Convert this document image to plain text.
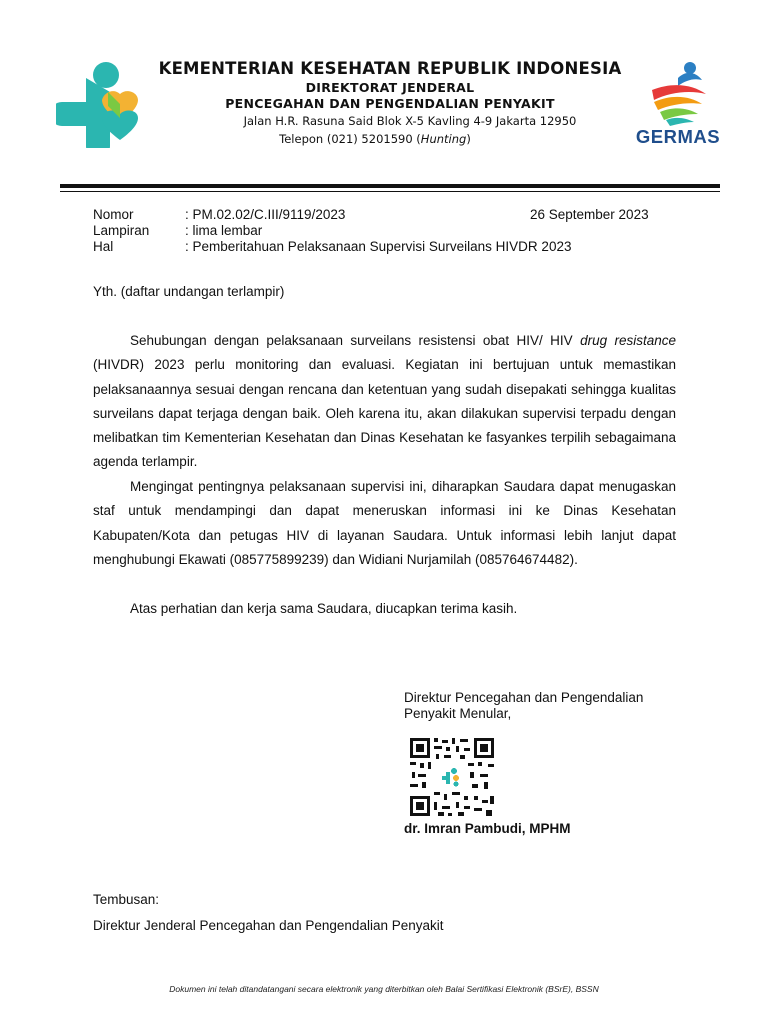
KEMENTERIAN KESEHATAN REPUBLIK INDONESIA
DIREKTORAT JENDERAL
PENCEGAHAN DAN PENGENDALIAN PENYAKIT
Jalan H.R. Rasuna Said Blok X-5 Kavling 4-9 Jakarta 12950
Telepon (021) 5201590 (Hunting)	GERMAS
Nomor	: PM.02.02/C.III/9119/2023	26 September 2023
Lampiran	: lima lembar
Hal	: Pemberitahuan Pelaksanaan Supervisi Surveilans HIVDR 2023
Yth. (daftar undangan terlampir)
Sehubungan dengan pelaksanaan surveilans resistensi obat HIV/ HIV drug resistance (HIVDR) 2023 perlu monitoring dan evaluasi. Kegiatan ini bertujuan untuk memastikan pelaksanaannya sesuai dengan rencana dan ketentuan yang sudah disepakati sehingga kualitas surveilans dapat terjaga dengan baik. Oleh karena itu, akan dilakukan supervisi terpadu dengan melibatkan tim Kementerian Kesehatan dan Dinas Kesehatan ke fasyankes terpilih sebagaimana agenda terlampir.
Mengingat pentingnya pelaksanaan supervisi ini, diharapkan Saudara dapat menugaskan staf untuk mendampingi dan dapat meneruskan informasi ini ke Dinas Kesehatan Kabupaten/Kota dan petugas HIV di layanan Saudara. Untuk informasi lebih lanjut dapat menghubungi Ekawati (085775899239) dan Widiani Nurjamilah (085764674482).
Atas perhatian dan kerja sama Saudara, diucapkan terima kasih.
Direktur Pencegahan dan Pengendalian
Penyakit Menular,
dr. Imran Pambudi, MPHM
Tembusan:
Direktur Jenderal Pencegahan dan Pengendalian Penyakit
Dokumen ini telah ditandatangani secara elektronik yang diterbitkan oleh Balai Sertifikasi Elektronik (BSrE), BSSN
